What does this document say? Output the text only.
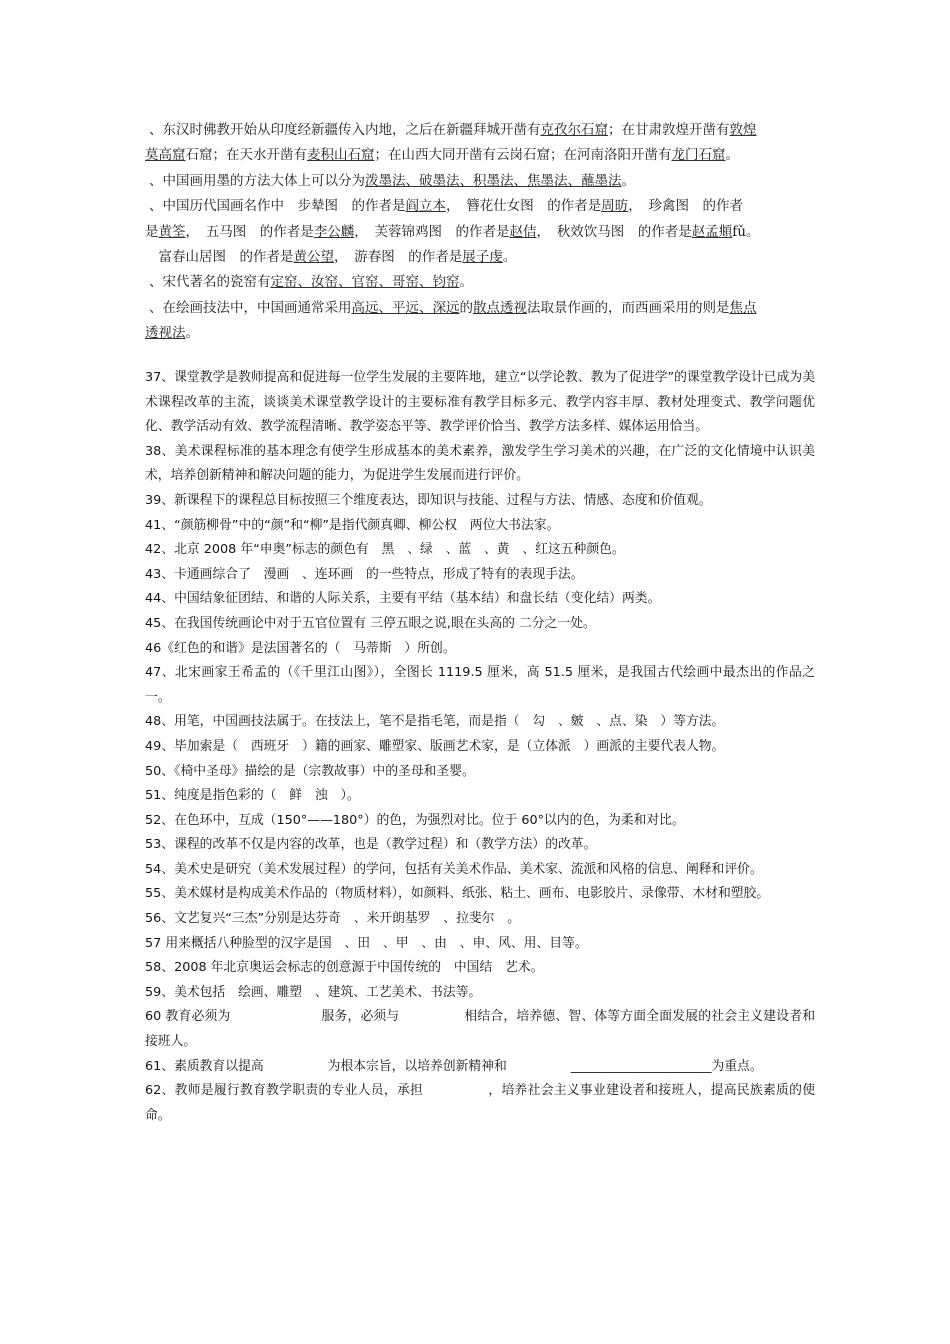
、东汉时佛教开始从印度经新疆传入内地，之后在新疆拜城开凿有克孜尔石窟；在甘肃敦煌开凿有敦煌

莫高窟石窟；在天水开凿有麦积山石窟；在山西大同开凿有云岗石窟；在河南洛阳开凿有龙门石窟。

、中国画用墨的方法大体上可以分为泼墨法、破墨法、积墨法、焦墨法、蘸墨法。

、中国历代国画名作中　步辇图　的作者是阎立本，　簪花仕女图　的作者是周昉，　珍禽图　的作者

是黄筌，　五马图　的作者是李公麟，　芙蓉锦鸡图　的作者是赵佶，　秋效饮马图　的作者是赵孟頫fǔ。

　富春山居图　的作者是黄公望，　游春图　的作者是展子虔。

、宋代著名的瓷窑有定窑、汝窑、官窑、哥窑、钧窑。

、在绘画技法中，中国画通常采用高远、平远、深远的散点透视法取景作画的，而西画采用的则是焦点

透视法。

37、课堂教学是教师提高和促进每一位学生发展的主要阵地，建立“以学论教、教为了促进学”的课堂教学设计已成为美术课程改革的主流，谈谈美术课堂教学设计的主要标准有教学目标多元、教学内容丰厚、教材处理变式、教学问题优化、教学活动有效、教学流程清晰、教学姿态平等、教学评价恰当、教学方法多样、媒体运用恰当。

38、美术课程标准的基本理念有使学生形成基本的美术素养，激发学生学习美术的兴趣，在广泛的文化情境中认识美术，培养创新精神和解决问题的能力，为促进学生发展而进行评价。

39、新课程下的课程总目标按照三个维度表达，即知识与技能、过程与方法、情感、态度和价值观。

41、“颜筋柳骨”中的“颜”和“柳”是指代颜真卿、柳公权　两位大书法家。

42、北京 2008 年“申奥”标志的颜色有　黑　、绿　、蓝　、黄　、红这五种颜色。

43、卡通画综合了　漫画　、连环画　的一些特点，形成了特有的表现手法。

44、中国结象征团结、和谐的人际关系，主要有平结（基本结）和盘长结（变化结）两类。

45、在我国传统画论中对于五官位置有 三停五眼之说,眼在头高的 二分之一处。

46《红色的和谐》是法国著名的（　马蒂斯　）所创。

47、北宋画家王希孟的（《千里江山图》），全图长 1119.5 厘米，高 51.5 厘米，是我国古代绘画中最杰出的作品之一。

48、用笔，中国画技法属于。在技法上，笔不是指毛笔，而是指（　勾　、皴　、点、染　）等方法。

49、毕加索是（　西班牙　）籍的画家、雕塑家、版画艺术家，是（立体派　）画派的主要代表人物。

50、《椅中圣母》描绘的是（宗教故事）中的圣母和圣婴。

51、纯度是指色彩的（　鲜　浊　）。

52、在色环中，互成（150°——180°）的色，为强烈对比。位于 60°以内的色，为柔和对比。

53、课程的改革不仅是内容的改革，也是（教学过程）和（教学方法）的改革。

54、美术史是研究（美术发展过程）的学问，包括有关美术作品、美术家、流派和风格的信息、阐释和评价。

55、美术媒材是构成美术作品的（物质材料），如颜料、纸张、粘土、画布、电影胶片、录像带、木材和塑胶。

56、文艺复兴“三杰”分别是达芬奇　、米开朗基罗　、拉斐尔　。

57 用来概括八种脸型的汉字是国　、田　、甲　、由　、申、风、用、目等。

58、2008 年北京奥运会标志的创意源于中国传统的　中国结　艺术。

59、美术包括　绘画、雕塑　、建筑、工艺美术、书法等。

60 教育必须为　　　　　　　服务，必须与　　　　　相结合，培养德、智、体等方面全面发展的社会主义建设者和接班人。

61、素质教育以提高　　　　　为根本宗旨，以培养创新精神和　　　　　______________________为重点。

62、教师是履行教育教学职责的专业人员，承担　　　　　，培养社会主义事业建设者和接班人，提高民族素质的使命。
